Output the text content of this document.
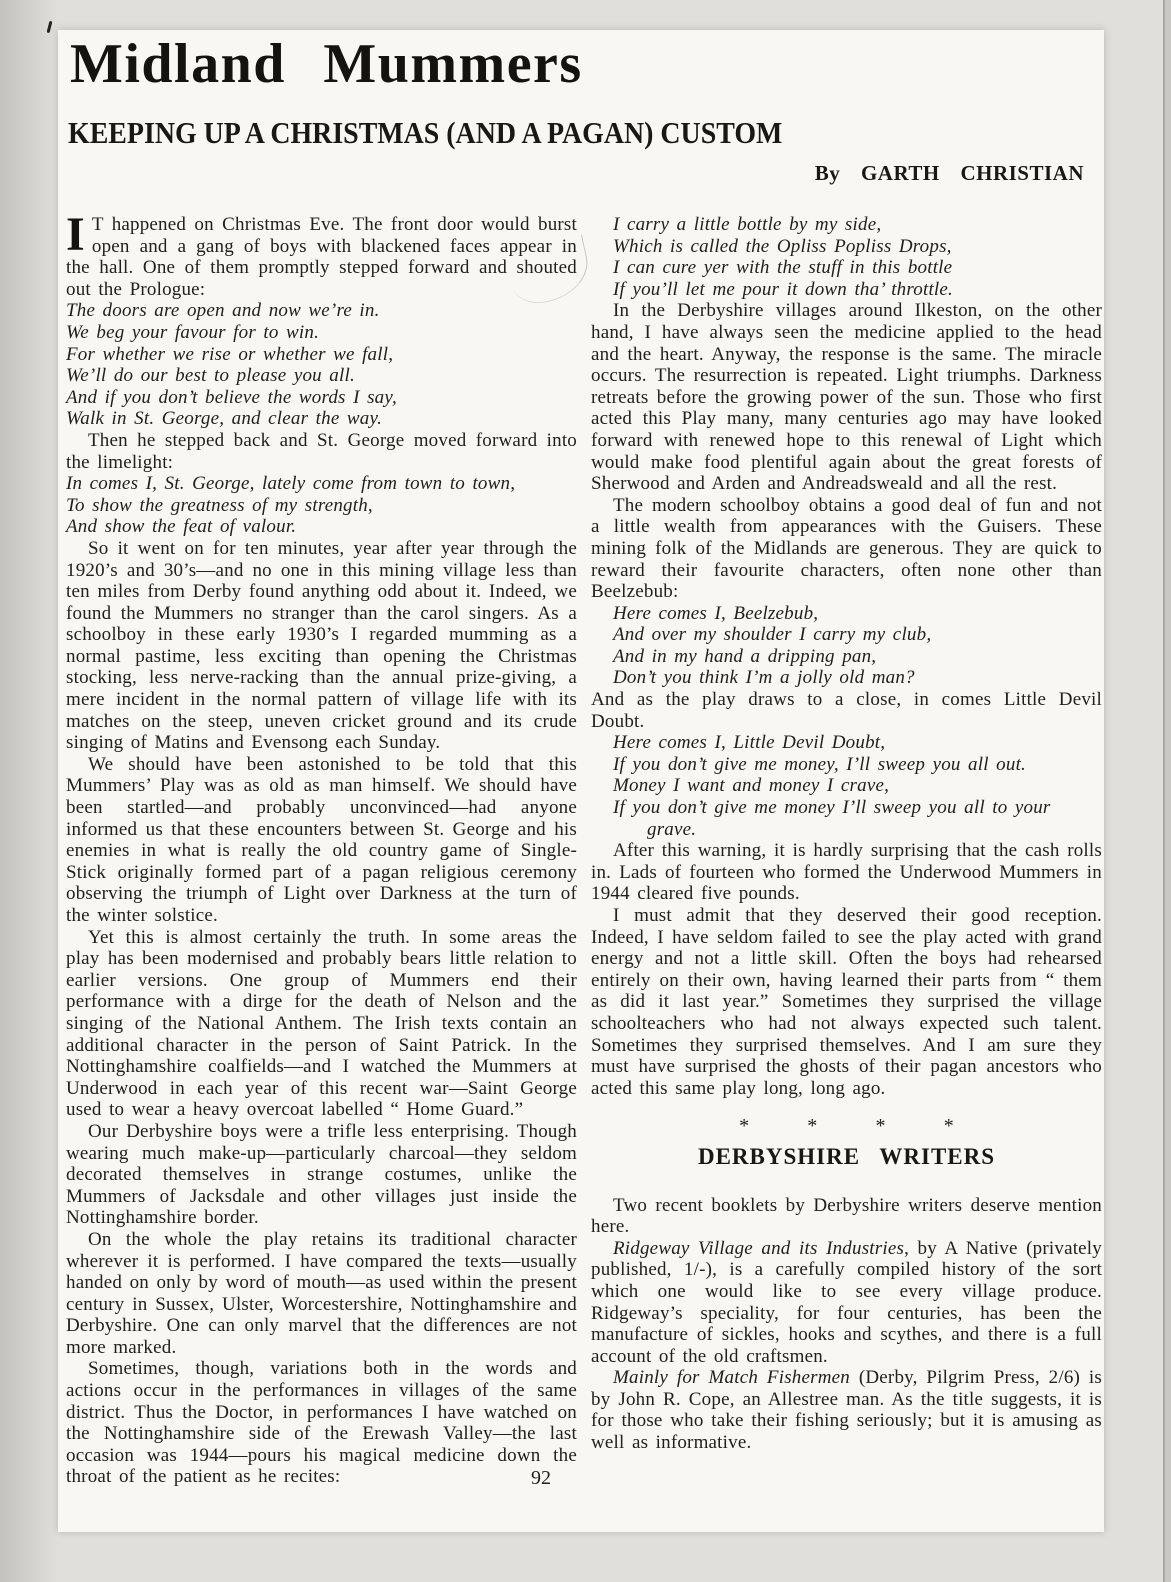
Midland Mummers
KEEPING UP A CHRISTMAS (AND A PAGAN) CUSTOM
By GARTH CHRISTIAN

I T happened on Christmas Eve. The front door would burst open and a gang of boys with blackened faces appear in the hall. One of them promptly stepped forward and shouted out the Prologue:

The doors are open and now we’re in.
We beg your favour for to win.
For whether we rise or whether we fall,
We’ll do our best to please you all.
And if you don’t believe the words I say,
Walk in St. George, and clear the way.

Then he stepped back and St. George moved forward into the limelight:

In comes I, St. George, lately come from town to town,
To show the greatness of my strength,
And show the feat of valour.

So it went on for ten minutes, year after year through the 1920’s and 30’s—and no one in this mining village less than ten miles from Derby found anything odd about it. Indeed, we found the Mummers no stranger than the carol singers. As a schoolboy in these early 1930’s I regarded mumming as a normal pastime, less exciting than opening the Christmas stocking, less nerve-racking than the annual prize-giving, a mere incident in the normal pattern of village life with its matches on the steep, uneven cricket ground and its crude singing of Matins and Evensong each Sunday.

We should have been astonished to be told that this Mummers’ Play was as old as man himself. We should have been startled—and probably unconvinced—had anyone informed us that these encounters between St. George and his enemies in what is really the old country game of Single-Stick originally formed part of a pagan religious ceremony observing the triumph of Light over Darkness at the turn of the winter solstice.

Yet this is almost certainly the truth. In some areas the play has been modernised and probably bears little relation to earlier versions. One group of Mummers end their performance with a dirge for the death of Nelson and the singing of the National Anthem. The Irish texts contain an additional character in the person of Saint Patrick. In the Nottinghamshire coalfields—and I watched the Mummers at Underwood in each year of this recent war—Saint George used to wear a heavy overcoat labelled “ Home Guard.”

Our Derbyshire boys were a trifle less enterprising. Though wearing much make-up—particularly charcoal—they seldom decorated themselves in strange costumes, unlike the Mummers of Jacksdale and other villages just inside the Nottinghamshire border.

On the whole the play retains its traditional character wherever it is performed. I have compared the texts—usually handed on only by word of mouth—as used within the present century in Sussex, Ulster, Worcestershire, Nottinghamshire and Derbyshire. One can only marvel that the differences are not more marked.

Sometimes, though, variations both in the words and actions occur in the performances in villages of the same district. Thus the Doctor, in performances I have watched on the Nottinghamshire side of the Erewash Valley—the last occasion was 1944—pours his magical medicine down the throat of the patient as he recites:

I carry a little bottle by my side,
Which is called the Opliss Popliss Drops,
I can cure yer with the stuff in this bottle
If you’ll let me pour it down tha’ throttle.

In the Derbyshire villages around Ilkeston, on the other hand, I have always seen the medicine applied to the head and the heart. Anyway, the response is the same. The miracle occurs. The resurrection is repeated. Light triumphs. Darkness retreats before the growing power of the sun. Those who first acted this Play many, many centuries ago may have looked forward with renewed hope to this renewal of Light which would make food plentiful again about the great forests of Sherwood and Arden and Andreadsweald and all the rest.

The modern schoolboy obtains a good deal of fun and not a little wealth from appearances with the Guisers. These mining folk of the Midlands are generous. They are quick to reward their favourite characters, often none other than Beelzebub:

Here comes I, Beelzebub,
And over my shoulder I carry my club,
And in my hand a dripping pan,
Don’t you think I’m a jolly old man?

And as the play draws to a close, in comes Little Devil Doubt.

Here comes I, Little Devil Doubt,
If you don’t give me money, I’ll sweep you all out.
Money I want and money I crave,
If you don’t give me money I’ll sweep you all to your
grave.

After this warning, it is hardly surprising that the cash rolls in. Lads of fourteen who formed the Underwood Mummers in 1944 cleared five pounds.

I must admit that they deserved their good reception. Indeed, I have seldom failed to see the play acted with grand energy and not a little skill. Often the boys had rehearsed entirely on their own, having learned their parts from “ them as did it last year.” Sometimes they surprised the village schoolteachers who had not always expected such talent. Sometimes they surprised themselves. And I am sure they must have surprised the ghosts of their pagan ancestors who acted this same play long, long ago.

*	*	*	*
DERBYSHIRE WRITERS

Two recent booklets by Derbyshire writers deserve mention here.

Ridgeway Village and its Industries, by A Native (privately published, 1/-), is a carefully compiled history of the sort which one would like to see every village produce. Ridgeway’s speciality, for four centuries, has been the manufacture of sickles, hooks and scythes, and there is a full account of the old craftsmen.

Mainly for Match Fishermen (Derby, Pilgrim Press, 2/6) is by John R. Cope, an Allestree man. As the title suggests, it is for those who take their fishing seriously; but it is amusing as well as informative.

92
